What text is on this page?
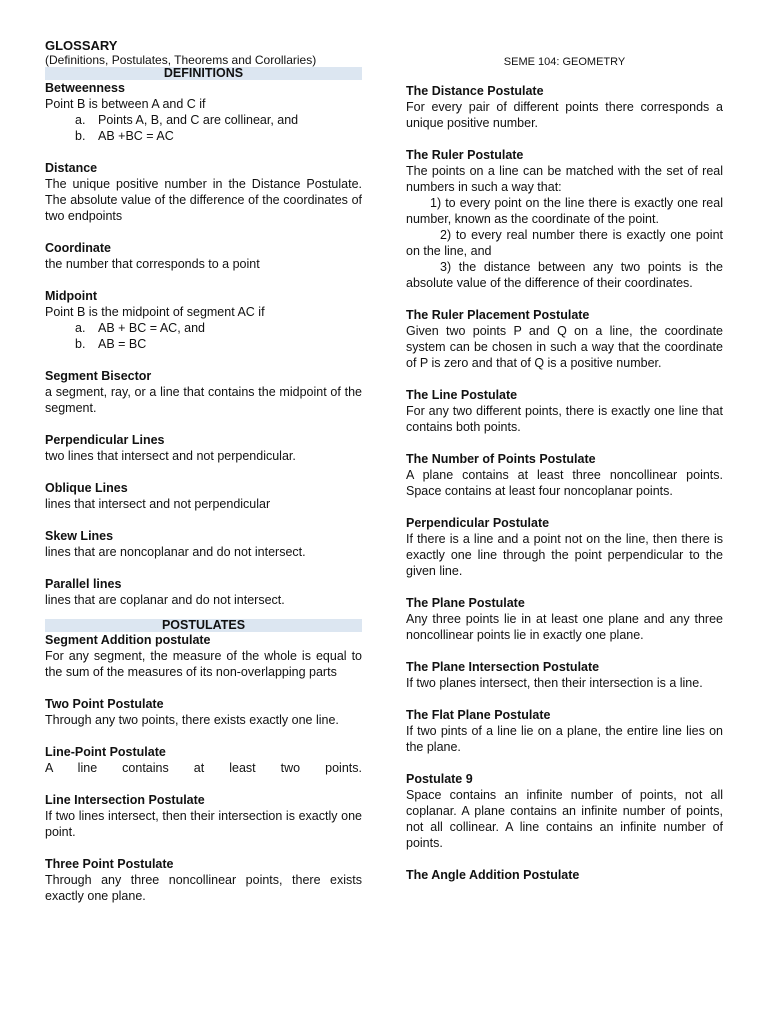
SEME 104: GEOMETRY

GLOSSARY

(Definitions, Postulates, Theorems and Corollaries)

DEFINITIONS

Betweenness

Point B is between A and C if

a.	Points A, B, and C are collinear, and
b.	AB +BC = AC

Distance

The unique positive number in the Distance Postulate. The absolute value of the difference of the coordinates of two endpoints

Coordinate

the number that corresponds to a point

Midpoint

Point B is the midpoint of segment AC if

a.	AB + BC = AC, and
b.	AB = BC

Segment Bisector

a segment, ray, or a line that contains the midpoint of the segment.

Perpendicular Lines

two lines that intersect and not perpendicular.

Oblique Lines

lines that intersect and not perpendicular

Skew Lines

lines that are noncoplanar and do not intersect.

Parallel lines

lines that are coplanar and do not intersect.

POSTULATES

Segment Addition postulate

For any segment, the measure of the whole is equal to the sum of the measures of its non-overlapping parts

Two Point Postulate

Through any two points, there exists exactly one line.

Line-Point Postulate

A line contains at least two points.

Line Intersection Postulate

If two lines intersect, then their intersection is exactly one point.

Three Point Postulate

Through any three noncollinear points, there exists exactly one plane.

The Distance Postulate

For every pair of different points there corresponds a unique positive number.

The Ruler Postulate

The points on a line can be matched with the set of real numbers in such a way that:

1) to every point on the line there is exactly one real number, known as the coordinate of the point.

2) to every real number there is exactly one point on the line, and

3) the distance between any two points is the absolute value of the difference of their coordinates.

The Ruler Placement Postulate

Given two points P and Q on a line, the coordinate system can be chosen in such a way that the coordinate of P is zero and that of Q is a positive number.

The Line Postulate

For any two different points, there is exactly one line that contains both points.

The Number of Points Postulate

A plane contains at least three noncollinear points. Space contains at least four noncoplanar points.

Perpendicular Postulate

If there is a line and a point not on the line, then there is exactly one line through the point perpendicular to the given line.

The Plane Postulate

Any three points lie in at least one plane and any three noncollinear points lie in exactly one plane.

The Plane Intersection Postulate

If two planes intersect, then their intersection is a line.

The Flat Plane Postulate

If two pints of a line lie on a plane, the entire line lies on the plane.

Postulate 9

Space contains an infinite number of points, not all coplanar. A plane contains an infinite number of points, not all collinear. A line contains an infinite number of points.

The Angle Addition Postulate
